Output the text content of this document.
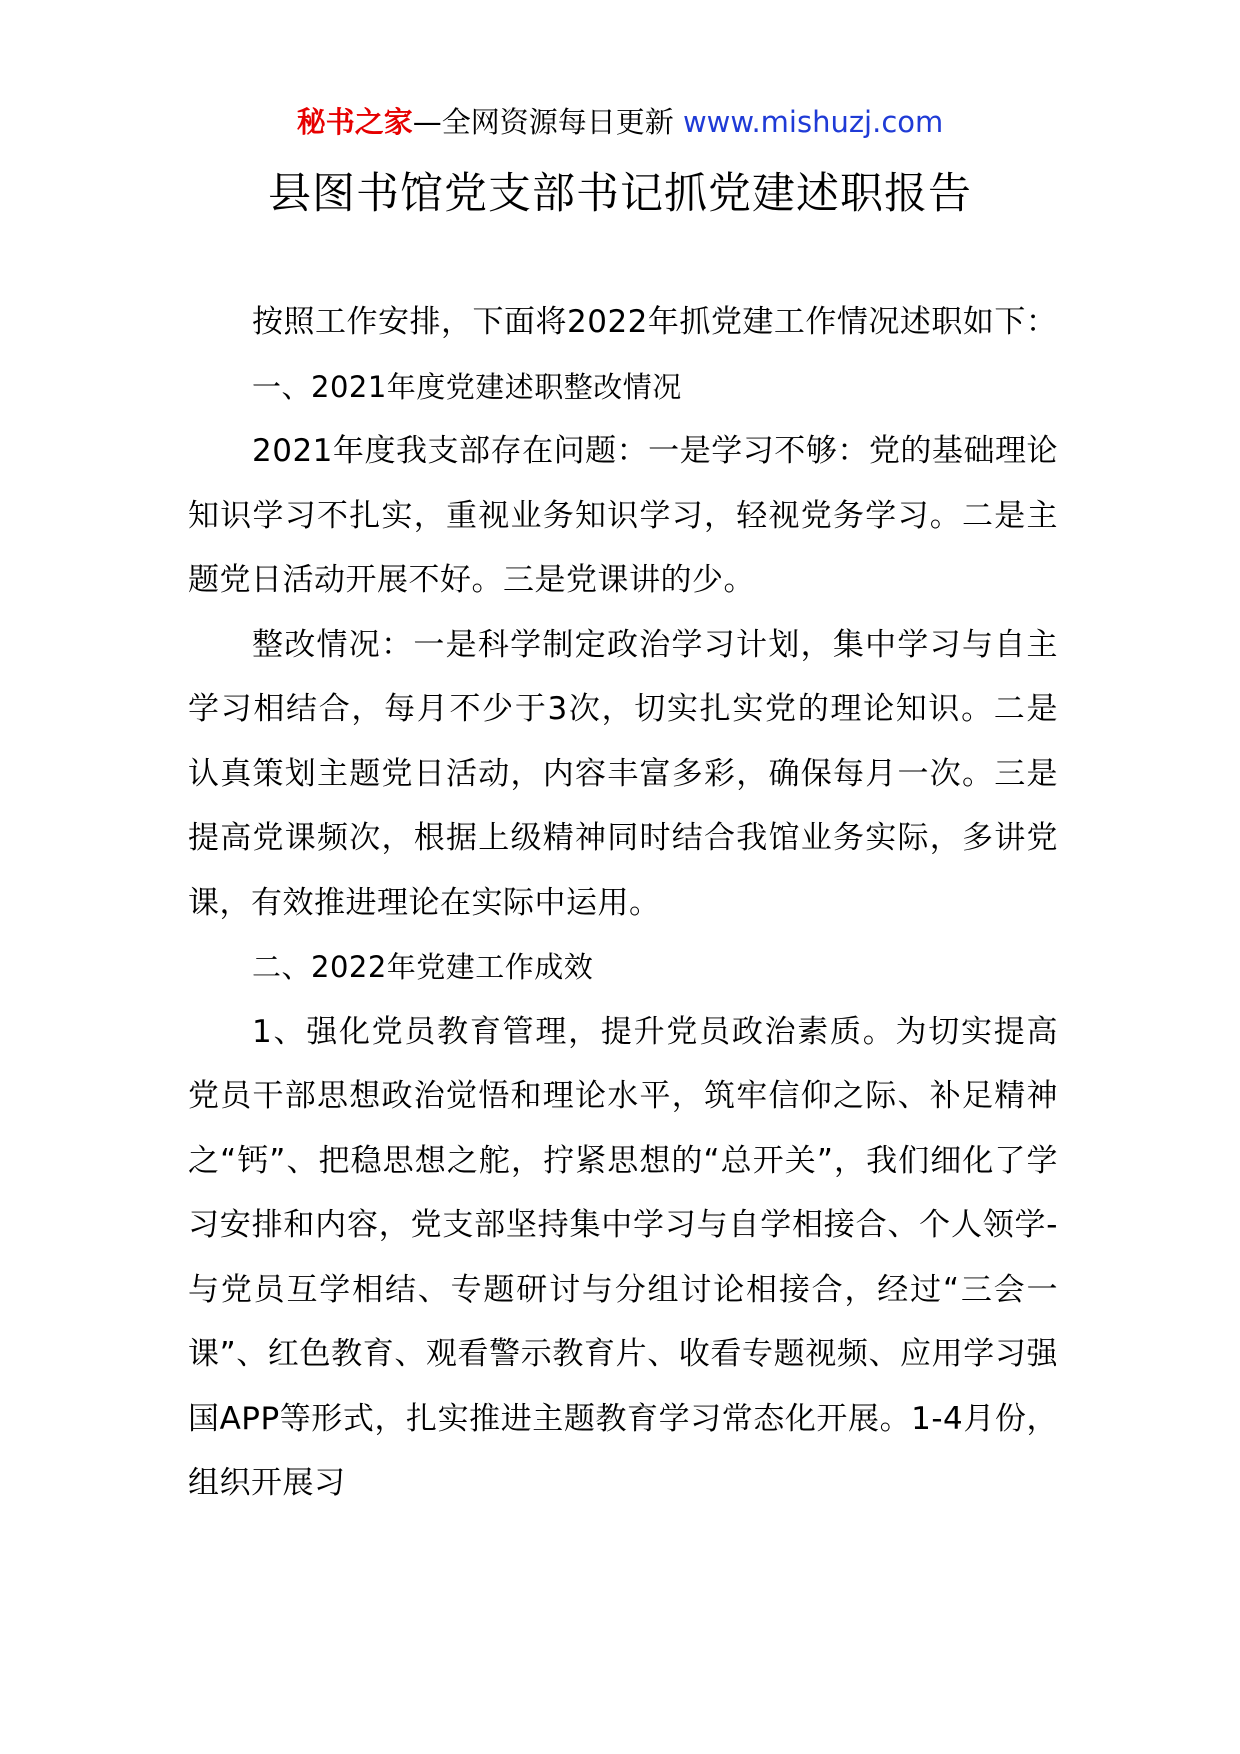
秘书之家—全网资源每日更新 www.mishuzj.com
县图书馆党支部书记抓党建述职报告

按照工作安排，下面将2022年抓党建工作情况述职如下：

一、2021年度党建述职整改情况

2021年度我支部存在问题：一是学习不够：党的基础理论知识学习不扎实，重视业务知识学习，轻视党务学习。二是主题党日活动开展不好。三是党课讲的少。

整改情况：一是科学制定政治学习计划，集中学习与自主学习相结合，每月不少于3次，切实扎实党的理论知识。二是认真策划主题党日活动，内容丰富多彩，确保每月一次。三是提高党课频次，根据上级精神同时结合我馆业务实际，多讲党课，有效推进理论在实际中运用。

二、2022年党建工作成效

1、强化党员教育管理，提升党员政治素质。为切实提高党员干部思想政治觉悟和理论水平，筑牢信仰之际、补足精神之“钙”、把稳思想之舵，拧紧思想的“总开关”，我们细化了学习安排和内容，党支部坚持集中学习与自学相接合、个人领学-与党员互学相结、专题研讨与分组讨论相接合，经过“三会一课”、红色教育、观看警示教育片、收看专题视频、应用学习强国APP等形式，扎实推进主题教育学习常态化开展。1-4月份，组织开展习
